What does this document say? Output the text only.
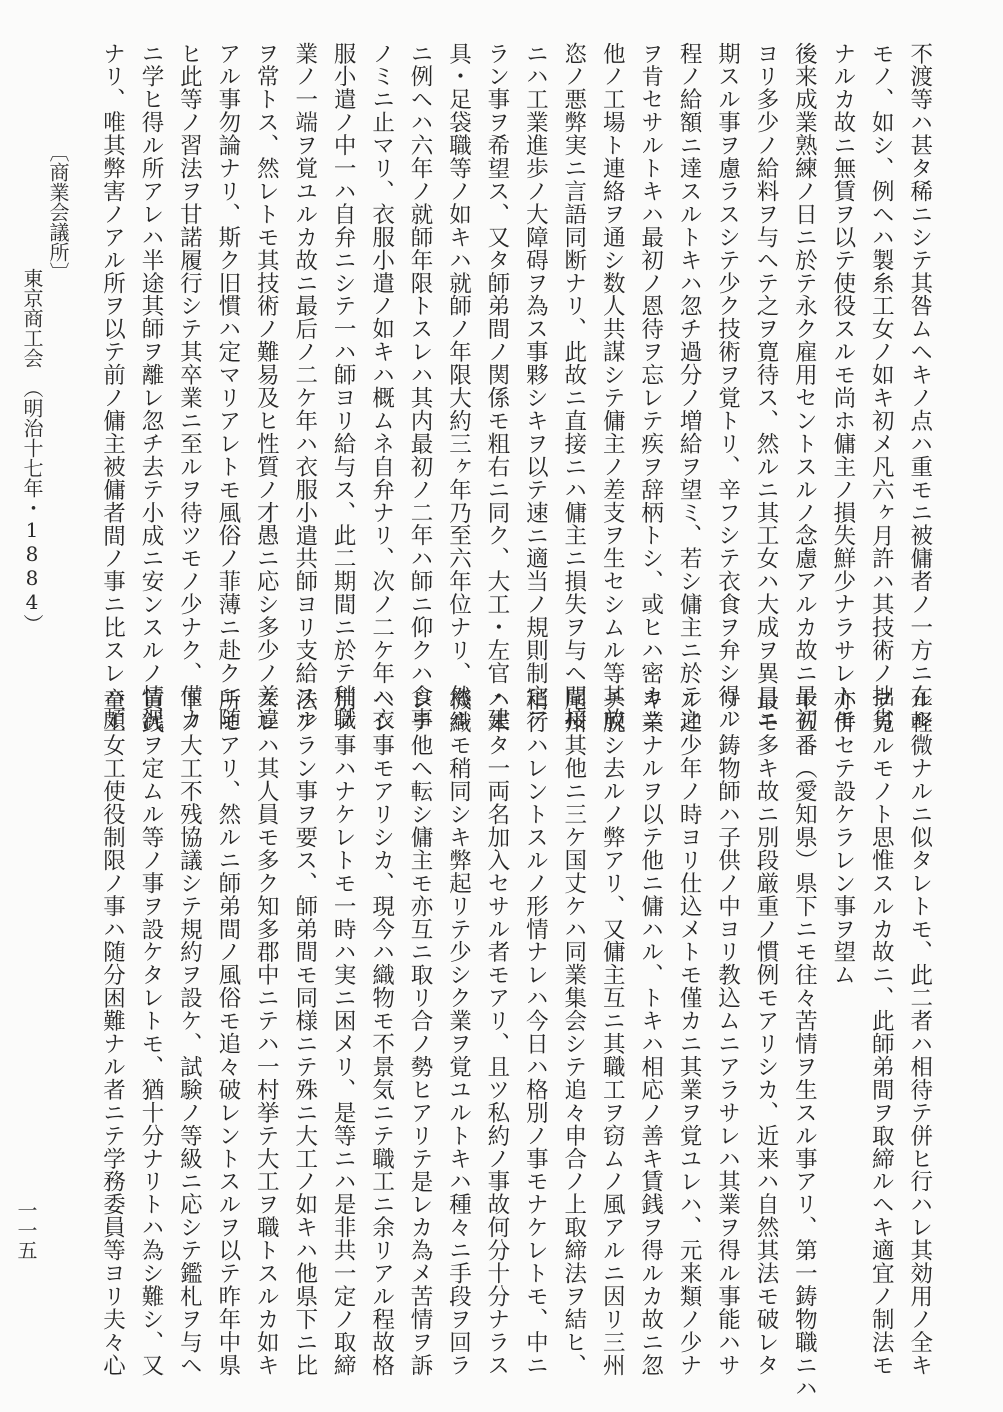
不渡等ハ甚タ稀ニシテ其咎ムヘキノ点ハ重モニ被傭者ノ一方ニ在ル
モノ、如シ、例ヘハ製糸工女ノ如キ初メ凡六ヶ月許ハ其技術ノ拙劣
ナルカ故ニ無賃ヲ以テ使役スルモ尚ホ傭主ノ損失鮮少ナラサレトモ
後来成業熟練ノ日ニ於テ永ク雇用セントスルノ念慮アルカ故ニ最初
ヨリ多少ノ給料ヲ与ヘテ之ヲ寛待ス、然ルニ其工女ハ大成ヲ異日ニ
期スル事ヲ慮ラスシテ少ク技術ヲ覚トリ、辛フシテ衣食ヲ弁シ得ル
程ノ給額ニ達スルトキハ忽チ過分ノ増給ヲ望ミ、若シ傭主ニ於テ之
ヲ肯セサルトキハ最初ノ恩待ヲ忘レテ疾ヲ辞柄トシ、或ヒハ密カニ
他ノ工場ト連絡ヲ通シ数人共謀シテ傭主ノ差支ヲ生セシムル等其放
恣ノ悪弊実ニ言語同断ナリ、此故ニ直接ニハ傭主ニ損失ヲ与ヘ間接
ニハ工業進歩ノ大障碍ヲ為ス事夥シキヲ以テ速ニ適当ノ規則制定ア
ラン事ヲ希望ス、又タ師弟間ノ関係モ粗右ニ同ク、大工・左官・建
具・足袋職等ノ如キハ就師ノ年限大約三ヶ年乃至六年位ナリ、然ル
ニ例ヘハ六年ノ就師年限トスレハ其内最初ノ二年ハ師ニ仰クハ食事
ノミニ止マリ、衣服小遣ノ如キハ概ムネ自弁ナリ、次ノ二ケ年ハ衣
服小遣ノ中一ハ自弁ニシテ一ハ師ヨリ給与ス、此二期間ニ於テ稍職
業ノ一端ヲ覚ユルカ故ニ最后ノ二ケ年ハ衣服小遣共師ヨリ支給スル
ヲ常トス、然レトモ其技術ノ難易及ヒ性質ノ才愚ニ応シ多少ノ差違
アル事勿論ナリ、斯ク旧慣ハ定マリアレトモ風俗ノ菲薄ニ赴クニ随
ヒ此等ノ習法ヲ甘諾履行シテ其卒業ニ至ルヲ待ツモノ少ナク、僅カ
ニ学ヒ得ル所アレハ半途其師ヲ離レ忽チ去テ小成ニ安ンスルノ情況
ナリ、唯其弊害ノアル所ヲ以テ前ノ傭主被傭者間ノ事ニ比スレハ頗
ル軽微ナルニ似タレトモ、此二者ハ相待テ併ヒ行ハレ其効用ノ全キ
ヲ見ルモノト思惟スルカ故ニ、此師弟間ヲ取締ルヘキ適宜ノ制法モ
亦併セテ設ケラレン事ヲ望ム
十五番（愛知県）県下ニモ往々苦情ヲ生スル事アリ、第一鋳物職ニハ
最モ多キ故ニ別段厳重ノ慣例モアリシカ、近来ハ自然其法モ破レタ
リ、鋳物師ハ子供ノ中ヨリ教込ムニアラサレハ其業ヲ得ル事能ハサ
ル迚少年ノ時ヨリ仕込メトモ僅カニ其業ヲ覚ユレハ、元来類ノ少ナ
キ業ナルヲ以テ他ニ傭ハル、トキハ相応ノ善キ賃銭ヲ得ルカ故ニ忽
チ脱シ去ルノ弊アリ、又傭主互ニ其職工ヲ窃ムノ風アルニ因リ三州
尾州其他ニ三ケ国丈ケハ同業集会シテ追々申合ノ上取締法ヲ結ヒ、
稍行ハレントスルノ形情ナレハ今日ハ格別ノ事モナケレトモ、中ニ
ハ未タ一両名加入セサル者モアリ、且ツ私約ノ事故何分十分ナラス
機織モ稍同シキ弊起リテ少シク業ヲ覚ユルトキハ種々ニ手段ヲ回ラ
シテ他ヘ転シ傭主モ亦互ニ取リ合ノ勢ヒアリテ是レカ為メ苦情ヲ訴
ヘシ事モアリシカ、現今ハ織物モ不景気ニテ職工ニ余リアル程故格
別ノ事ハナケレトモ一時ハ実ニ困メリ、是等ニハ是非共一定ノ取締
法アラン事ヲ要ス、師弟間モ同様ニテ殊ニ大工ノ如キハ他県下ニ比
スレハ其人員モ多ク知多郡中ニテハ一村挙テ大工ヲ職トスルカ如キ
所モアリ、然ルニ師弟間ノ風俗モ追々破レントスルヲ以テ昨年中県
下ノ大工不残協議シテ規約ヲ設ケ、試験ノ等級ニ応シテ鑑札ヲ与ヘ
賃銭ヲ定ムル等ノ事ヲ設ケタレトモ、猶十分ナリトハ為シ難シ、又
童工女工使役制限ノ事ハ随分困難ナル者ニテ学務委員等ヨリ夫々心
〔商業会議所〕
東京商工会　（明治十七年・1884）
一一五
